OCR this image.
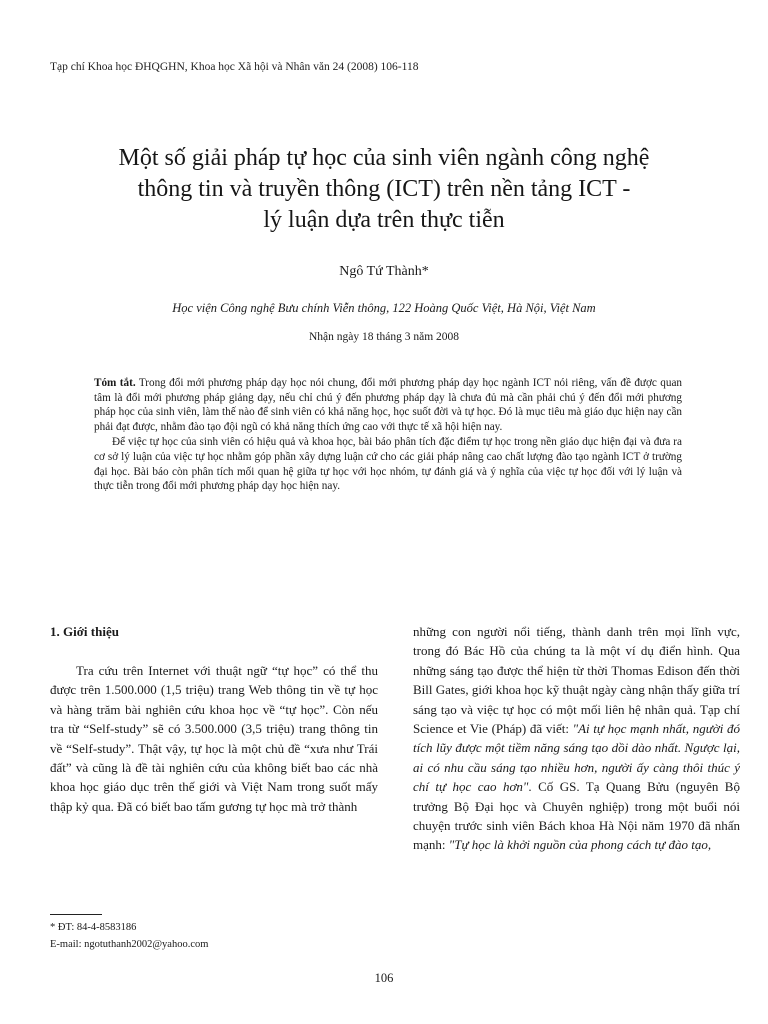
Tạp chí Khoa học ĐHQGHN, Khoa học Xã hội và Nhân văn 24 (2008) 106-118
Một số giải pháp tự học của sinh viên ngành công nghệ
thông tin và truyền thông (ICT) trên nền tảng ICT -
lý luận dựa trên thực tiễn
Ngô Tứ Thành*
Học viện Công nghệ Bưu chính Viễn thông, 122 Hoàng Quốc Việt, Hà Nội, Việt Nam
Nhận ngày 18 tháng 3 năm 2008

Tóm tắt. Trong đổi mới phương pháp dạy học nói chung, đổi mới phương pháp dạy học ngành ICT nói riêng, vấn đề được quan tâm là đổi mới phương pháp giảng dạy, nếu chỉ chú ý đến phương pháp dạy là chưa đủ mà cần phải chú ý đến đổi mới phương pháp học của sinh viên, làm thế nào để sinh viên có khả năng học, học suốt đời và tự học. Đó là mục tiêu mà giáo dục hiện nay cần phải đạt được, nhằm đào tạo đội ngũ có khả năng thích ứng cao với thực tế xã hội hiện nay.

Để việc tự học của sinh viên có hiệu quả và khoa học, bài báo phân tích đặc điểm tự học trong nền giáo dục hiện đại và đưa ra cơ sở lý luận của việc tự học nhằm góp phần xây dựng luận cứ cho các giải pháp nâng cao chất lượng đào tạo ngành ICT ở trường đại học. Bài báo còn phân tích mối quan hệ giữa tự học với học nhóm, tự đánh giá và ý nghĩa của việc tự học đối với lý luận và thực tiễn trong đổi mới phương pháp dạy học hiện nay.

1. Giới thiệu
Tra cứu trên Internet với thuật ngữ “tự học” có thể thu được trên 1.500.000 (1,5 triệu) trang Web thông tin về tự học và hàng trăm bài nghiên cứu khoa học về “tự học”. Còn nếu tra từ “Self-study” sẽ có 3.500.000 (3,5 triệu) trang thông tin về “Self-study”. Thật vậy, tự học là một chủ đề “xưa như Trái đất” và cũng là đề tài nghiên cứu của không biết bao các nhà khoa học giáo dục trên thế giới và Việt Nam trong suốt mấy thập kỷ qua. Đã có biết bao tấm gương tự học mà trở thành
những con người nổi tiếng, thành danh trên mọi lĩnh vực, trong đó Bác Hồ của chúng ta là một ví dụ điển hình. Qua những sáng tạo được thể hiện từ thời Thomas Edison đến thời Bill Gates, giới khoa học kỹ thuật ngày càng nhận thấy giữa trí sáng tạo và việc tự học có một mối liên hệ nhân quả. Tạp chí Science et Vie (Pháp) đã viết: "Ai tự học mạnh nhất, người đó tích lũy được một tiềm năng sáng tạo dồi dào nhất. Ngược lại, ai có nhu cầu sáng tạo nhiều hơn, người ấy càng thôi thúc ý chí tự học cao hơn". Cố GS. Tạ Quang Bửu (nguyên Bộ trưởng Bộ Đại học và Chuyên nghiệp) trong một buổi nói chuyện trước sinh viên Bách khoa Hà Nội năm 1970 đã nhấn mạnh: "Tự học là khởi nguồn của phong cách tự đào tạo,
* ĐT: 84-4-8583186
E-mail: ngotuthanh2002@yahoo.com
106
